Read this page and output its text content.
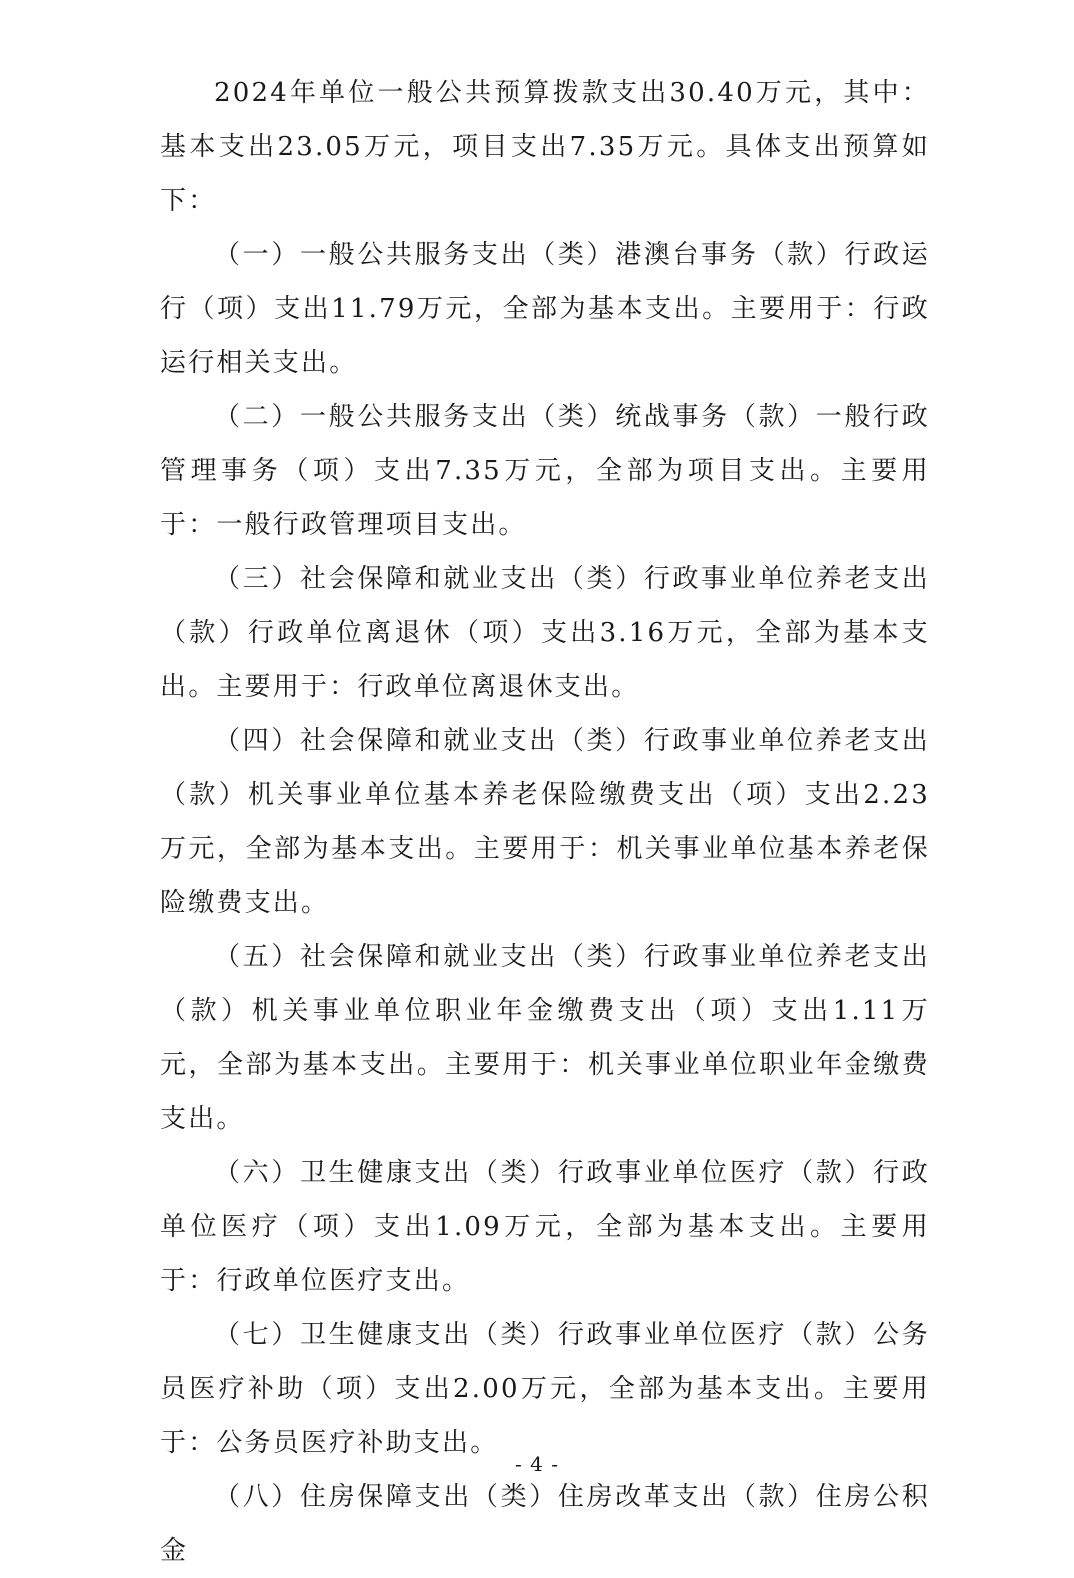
2024年单位一般公共预算拨款支出30.40万元，其中：基本支出23.05万元，项目支出7.35万元。具体支出预算如下：

（一）一般公共服务支出（类）港澳台事务（款）行政运行（项）支出11.79万元，全部为基本支出。主要用于：行政运行相关支出。

（二）一般公共服务支出（类）统战事务（款）一般行政管理事务（项）支出7.35万元，全部为项目支出。主要用于：一般行政管理项目支出。

（三）社会保障和就业支出（类）行政事业单位养老支出（款）行政单位离退休（项）支出3.16万元，全部为基本支出。主要用于：行政单位离退休支出。

（四）社会保障和就业支出（类）行政事业单位养老支出（款）机关事业单位基本养老保险缴费支出（项）支出2.23万元，全部为基本支出。主要用于：机关事业单位基本养老保险缴费支出。

（五）社会保障和就业支出（类）行政事业单位养老支出（款）机关事业单位职业年金缴费支出（项）支出1.11万元，全部为基本支出。主要用于：机关事业单位职业年金缴费支出。

（六）卫生健康支出（类）行政事业单位医疗（款）行政单位医疗（项）支出1.09万元，全部为基本支出。主要用于：行政单位医疗支出。

（七）卫生健康支出（类）行政事业单位医疗（款）公务员医疗补助（项）支出2.00万元，全部为基本支出。主要用于：公务员医疗补助支出。

（八）住房保障支出（类）住房改革支出（款）住房公积金

- 4 -
